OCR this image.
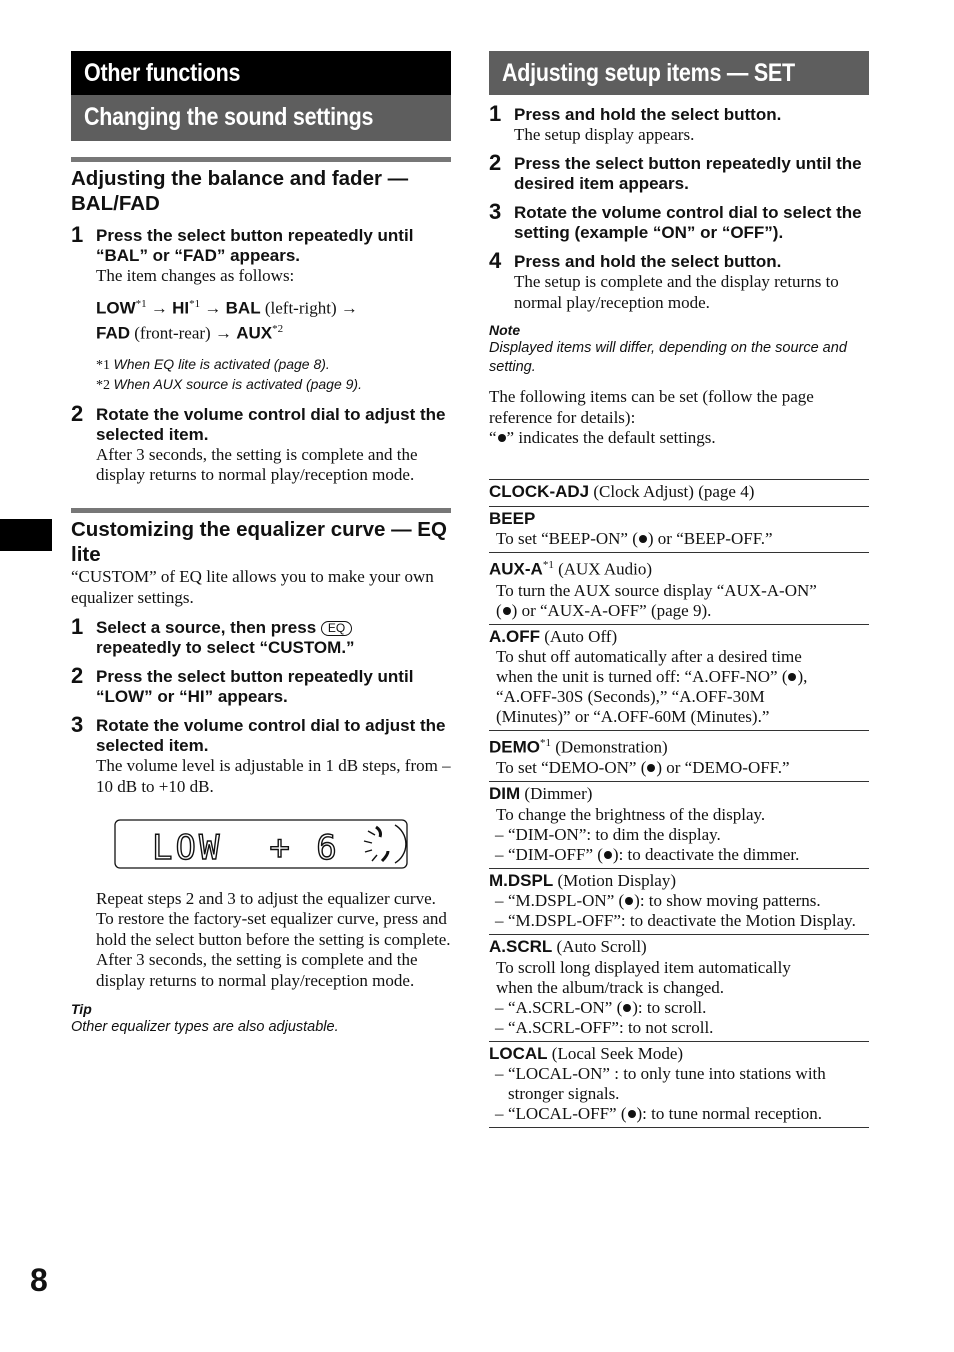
Other functions
Changing the sound settings
Adjusting the balance and fader — BAL/FAD
1 Press the select button repeatedly until “BAL” or “FAD” appears.
The item changes as follows:
$LOW^{*1} \to HI^{*1}$ → BAL (left-right) →
FAD (front-rear) → $AUX^{*2}$
*1 When EQ lite is activated (page 8).
*2 When AUX source is activated (page 9).
2 Rotate the volume control dial to adjust the selected item.
After 3 seconds, the setting is complete and the display returns to normal play/reception mode.
Customizing the equalizer curve — EQ lite
“CUSTOM” of EQ lite allows you to make your own equalizer settings.
1 Select a source, then press EQ
repeatedly to select “CUSTOM.”
2 Press the select button repeatedly until “LOW” or “HI” appears.
3 Rotate the volume control dial to adjust the selected item.
The volume level is adjustable in 1 dB steps, from –10 dB to +10 dB.
LOW  + 6
Repeat steps 2 and 3 to adjust the equalizer curve.
To restore the factory-set equalizer curve, press and hold the select button before the setting is complete.
After 3 seconds, the setting is complete and the display returns to normal play/reception mode.
Tip
Other equalizer types are also adjustable.
Adjusting setup items — SET
1 Press and hold the select button.
The setup display appears.
2 Press the select button repeatedly until the desired item appears.
3 Rotate the volume control dial to select the setting (example “ON” or “OFF”).
4 Press and hold the select button.
The setup is complete and the display returns to normal play/reception mode.
Note
Displayed items will differ, depending on the source and setting.
The following items can be set (follow the page reference for details):
“ ” indicates the default settings.
CLOCK-ADJ (Clock Adjust) (page 4)
BEEP
To set “BEEP-ON” ( ) or “BEEP-OFF.”
AUX-$A^{*1}$ (AUX Audio)
To turn the AUX source display “AUX-A-ON”
( ) or “AUX-A-OFF” (page 9).
A.OFF (Auto Off)
To shut off automatically after a desired time
when the unit is turned off: “A.OFF-NO” ( ),
“A.OFF-30S (Seconds),” “A.OFF-30M
(Minutes)” or “A.OFF-60M (Minutes).”
DEMO$^{*1}$ (Demonstration)
To set “DEMO-ON” ( ) or “DEMO-OFF.”
DIM (Dimmer)
To change the brightness of the display.
– “DIM-ON”: to dim the display.
– “DIM-OFF” ( ): to deactivate the dimmer.
M.DSPL (Motion Display)
– “M.DSPL-ON” ( ): to show moving patterns.
– “M.DSPL-OFF”: to deactivate the Motion Display.
A.SCRL (Auto Scroll)
To scroll long displayed item automatically
when the album/track is changed.
– “A.SCRL-ON” ( ): to scroll.
– “A.SCRL-OFF”: to not scroll.
LOCAL (Local Seek Mode)
– “LOCAL-ON” : to only tune into stations with stronger signals.
– “LOCAL-OFF” ( ): to tune normal reception.
8
